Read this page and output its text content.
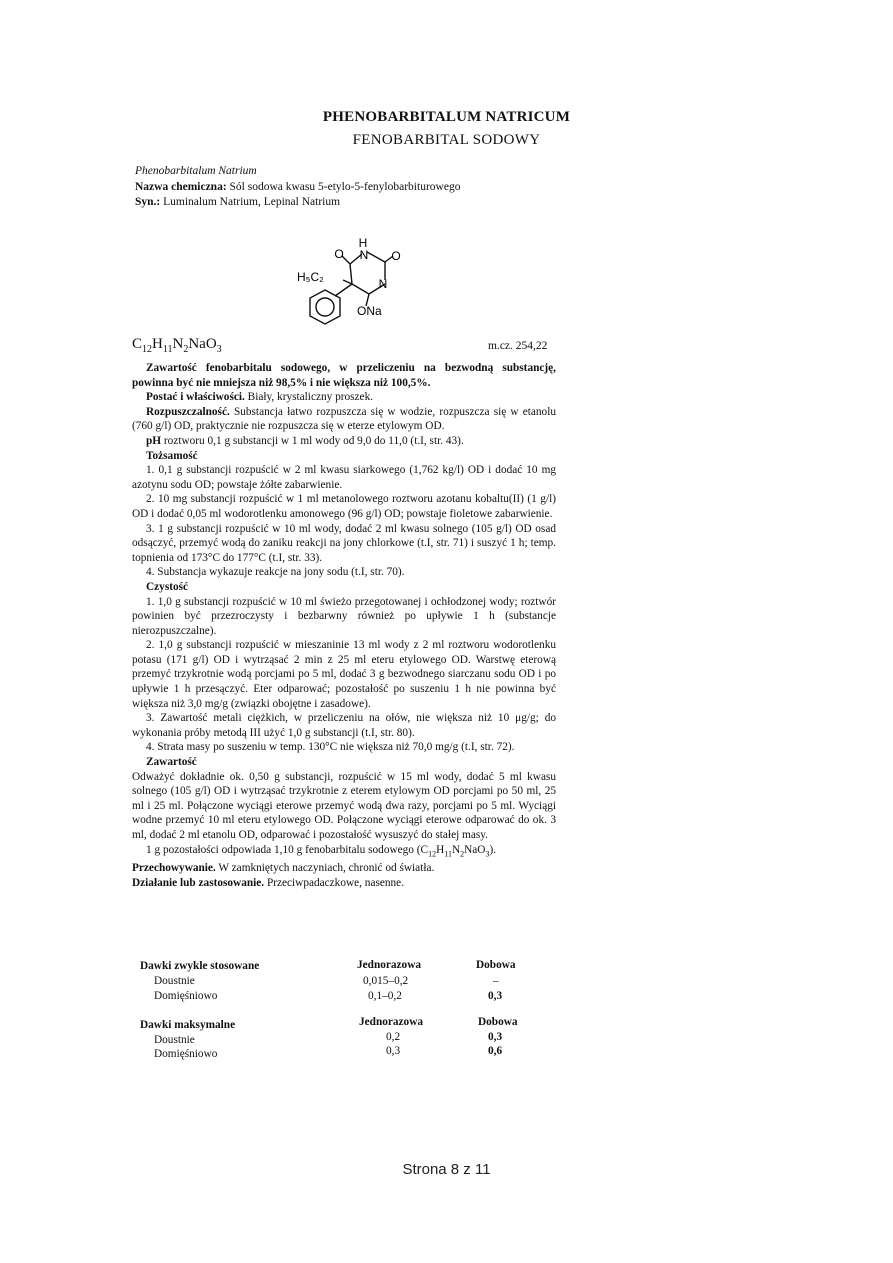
PHENOBARBITALUM NATRICUM
FENOBARBITAL SODOWY
Phenobarbitalum Natrium
Nazwa chemiczna: Sól sodowa kwasu 5-etylo-5-fenylobarbiturowego
Syn.: Luminalum Natrium, Lepinal Natrium
H
N
O	O
H₅C₂	N
ONa
$C_{12}H_{11}N_2NaO_3$	m.cz. 254,22

Zawartość fenobarbitalu sodowego, w przeliczeniu na bezwodną substancję, powinna być nie mniejsza niż 98,5% i nie większa niż 100,5%.

Postać i właściwości. Biały, krystaliczny proszek.

Rozpuszczalność. Substancja łatwo rozpuszcza się w wodzie, rozpuszcza się w etanolu (760 g/l) OD, praktycznie nie rozpuszcza się w eterze etylowym OD.

pH roztworu 0,1 g substancji w 1 ml wody od 9,0 do 11,0 (t.I, str. 43).

Tożsamość

1. 0,1 g substancji rozpuścić w 2 ml kwasu siarkowego (1,762 kg/l) OD i dodać 10 mg azotynu sodu OD; powstaje żółte zabarwienie.

2. 10 mg substancji rozpuścić w 1 ml metanolowego roztworu azotanu kobaltu(II) (1 g/l) OD i dodać 0,05 ml wodorotlenku amonowego (96 g/l) OD; powstaje fioletowe zabarwienie.

3. 1 g substancji rozpuścić w 10 ml wody, dodać 2 ml kwasu solnego (105 g/l) OD osad odsączyć, przemyć wodą do zaniku reakcji na jony chlorkowe (t.I, str. 71) i suszyć 1 h; temp. topnienia od 173°C do 177°C (t.I, str. 33).

4. Substancja wykazuje reakcje na jony sodu (t.I, str. 70).

Czystość

1. 1,0 g substancji rozpuścić w 10 ml świeżo przegotowanej i ochłodzonej wody; roztwór powinien być przezroczysty i bezbarwny również po upływie 1 h (substancje nierozpuszczalne).

2. 1,0 g substancji rozpuścić w mieszaninie 13 ml wody z 2 ml roztworu wodorotlenku potasu (171 g/l) OD i wytrząsać 2 min z 25 ml eteru etylowego OD. Warstwę eterową przemyć trzykrotnie wodą porcjami po 5 ml, dodać 3 g bezwodnego siarczanu sodu OD i po upływie 1 h przesączyć. Eter odparować; pozostałość po suszeniu 1 h nie powinna być większa niż 3,0 mg/g (związki obojętne i zasadowe).

3. Zawartość metali ciężkich, w przeliczeniu na ołów, nie większa niż 10 μg/g; do wykonania próby metodą III użyć 1,0 g substancji (t.I, str. 80).

4. Strata masy po suszeniu w temp. 130°C nie większa niż 70,0 mg/g (t.I, str. 72).

Zawartość

Odważyć dokładnie ok. 0,50 g substancji, rozpuścić w 15 ml wody, dodać 5 ml kwasu solnego (105 g/l) OD i wytrząsać trzykrotnie z eterem etylowym OD porcjami po 50 ml, 25 ml i 25 ml. Połączone wyciągi eterowe przemyć wodą dwa razy, porcjami po 5 ml. Wyciągi wodne przemyć 10 ml eteru etylowego OD. Połączone wyciągi eterowe odparować do ok. 3 ml, dodać 2 ml etanolu OD, odparować i pozostałość wysuszyć do stałej masy.

1 g pozostałości odpowiada 1,10 g fenobarbitalu sodowego $(C_{12}H_{11}N_2NaO_3)$.

Przechowywanie. W zamkniętych naczyniach, chronić od światła.

Działanie lub zastosowanie. Przeciwpadaczkowe, nasenne.

Dawki zwykle stosowane	Jednorazowa	Dobowa
Doustnie	0,015–0,2	–
Domięśniowo	0,1–0,2	0,3
Dawki maksymalne	Jednorazowa	Dobowa
Doustnie	0,2	0,3
Domięśniowo	0,3	0,6
Strona 8 z 11
